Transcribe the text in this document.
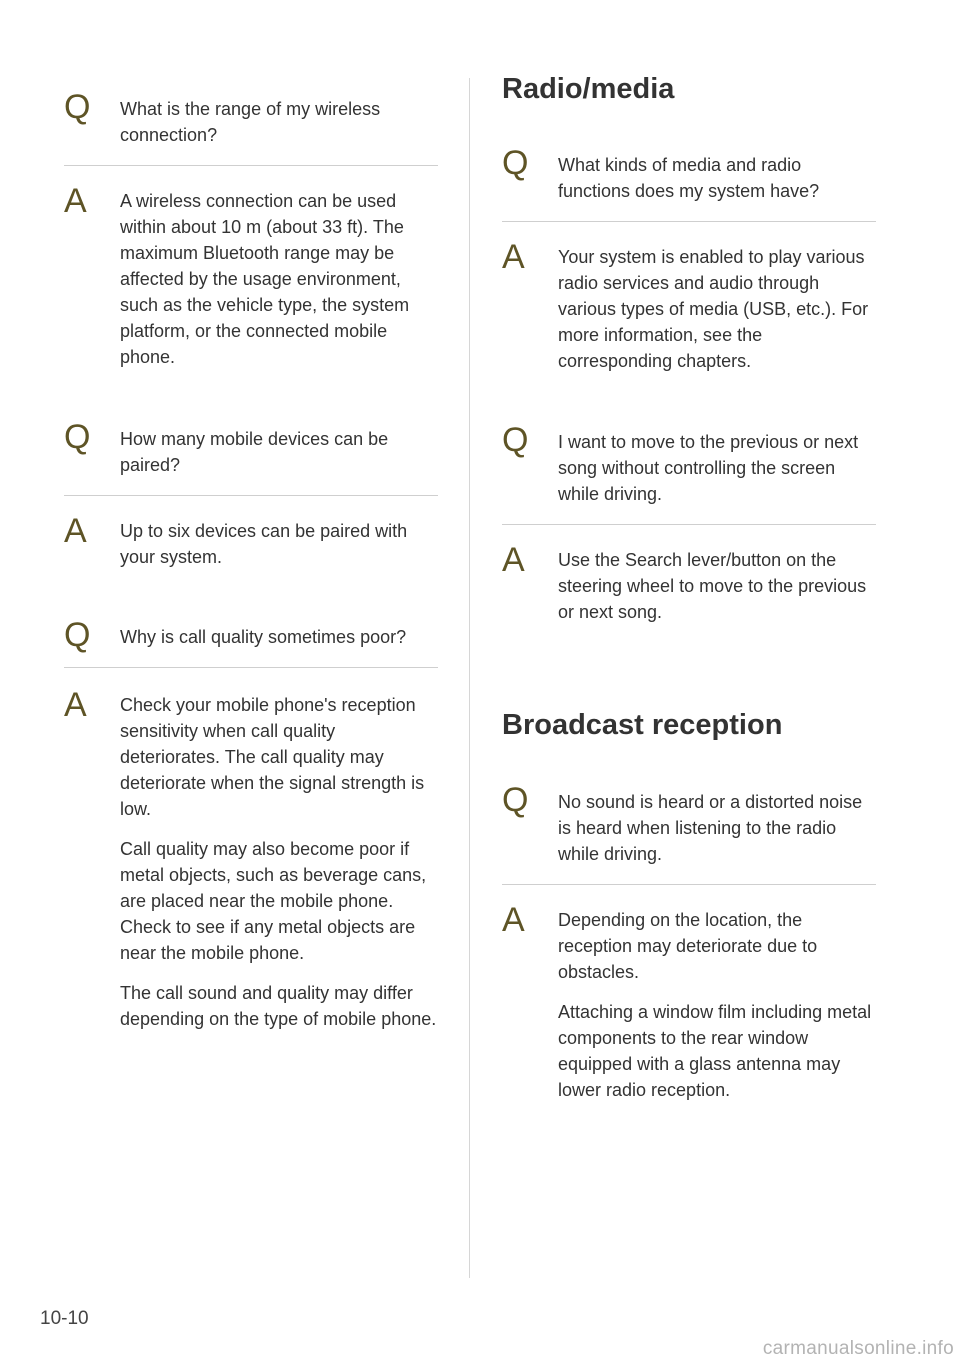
Q What is the range of my wireless connection?

A A wireless connection can be used within about 10 m (about 33 ft). The maximum Bluetooth range may be affected by the usage environment, such as the vehicle type, the system platform, or the connected mobile phone.

Q How many mobile devices can be paired?

A Up to six devices can be paired with your system.

Q Why is call quality sometimes poor?

A Check your mobile phone's reception sensitivity when call quality deteriorates. The call quality may deteriorate when the signal strength is low.

Call quality may also become poor if metal objects, such as beverage cans, are placed near the mobile phone. Check to see if any metal objects are near the mobile phone.

The call sound and quality may differ depending on the type of mobile phone.

Radio/media
Q What kinds of media and radio functions does my system have?

A Your system is enabled to play various radio services and audio through various types of media (USB, etc.). For more information, see the corresponding chapters.

Q I want to move to the previous or next song without controlling the screen while driving.

A Use the Search lever/button on the steering wheel to move to the previous or next song.

Broadcast reception
Q No sound is heard or a distorted noise is heard when listening to the radio while driving.

A Depending on the location, the reception may deteriorate due to obstacles.

Attaching a window film including metal components to the rear window equipped with a glass antenna may lower radio reception.

10-10
carmanualsonline.info
